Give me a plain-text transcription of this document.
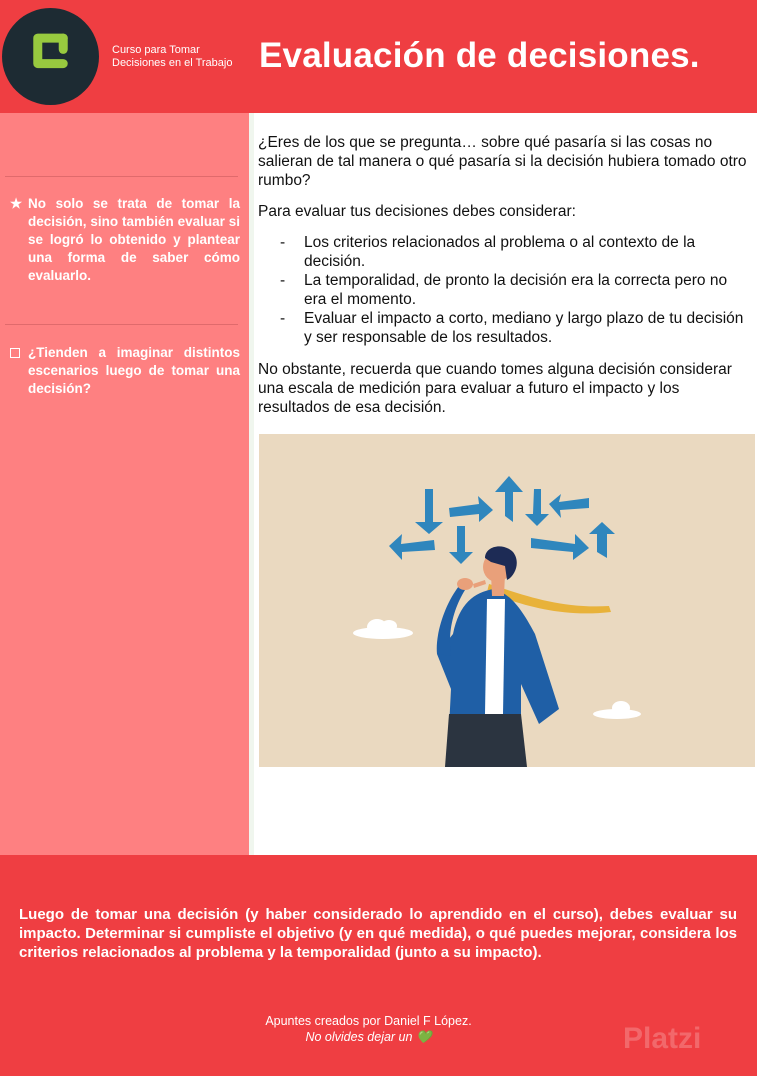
Curso para Tomar
Decisiones en el Trabajo Evaluación de decisiones.
★ No solo se trata de tomar la decisión, sino también evaluar si se logró lo obtenido y plantear una forma de saber cómo evaluarlo.
¿Tienden a imaginar distintos escenarios luego de tomar una decisión?

¿Eres de los que se pregunta… sobre qué pasaría si las cosas no salieran de tal manera o qué pasaría si la decisión hubiera tomado otro rumbo?

Para evaluar tus decisiones debes considerar:

- Los criterios relacionados al problema o al contexto de la decisión.
- La temporalidad, de pronto la decisión era la correcta pero no era el momento.
- Evaluar el impacto a corto, mediano y largo plazo de tu decisión y ser responsable de los resultados.

No obstante, recuerda que cuando tomes alguna decisión considerar una escala de medición para evaluar a futuro el impacto y los resultados de esa decisión.

Luego de tomar una decisión (y haber considerado lo aprendido en el curso), debes evaluar su impacto. Determinar si cumpliste el objetivo (y en qué medida), o qué puedes mejorar, considera los criterios relacionados al problema y la temporalidad (junto a su impacto).
Apuntes creados por Daniel F López.
No olvides dejar un 💚	Platzi
